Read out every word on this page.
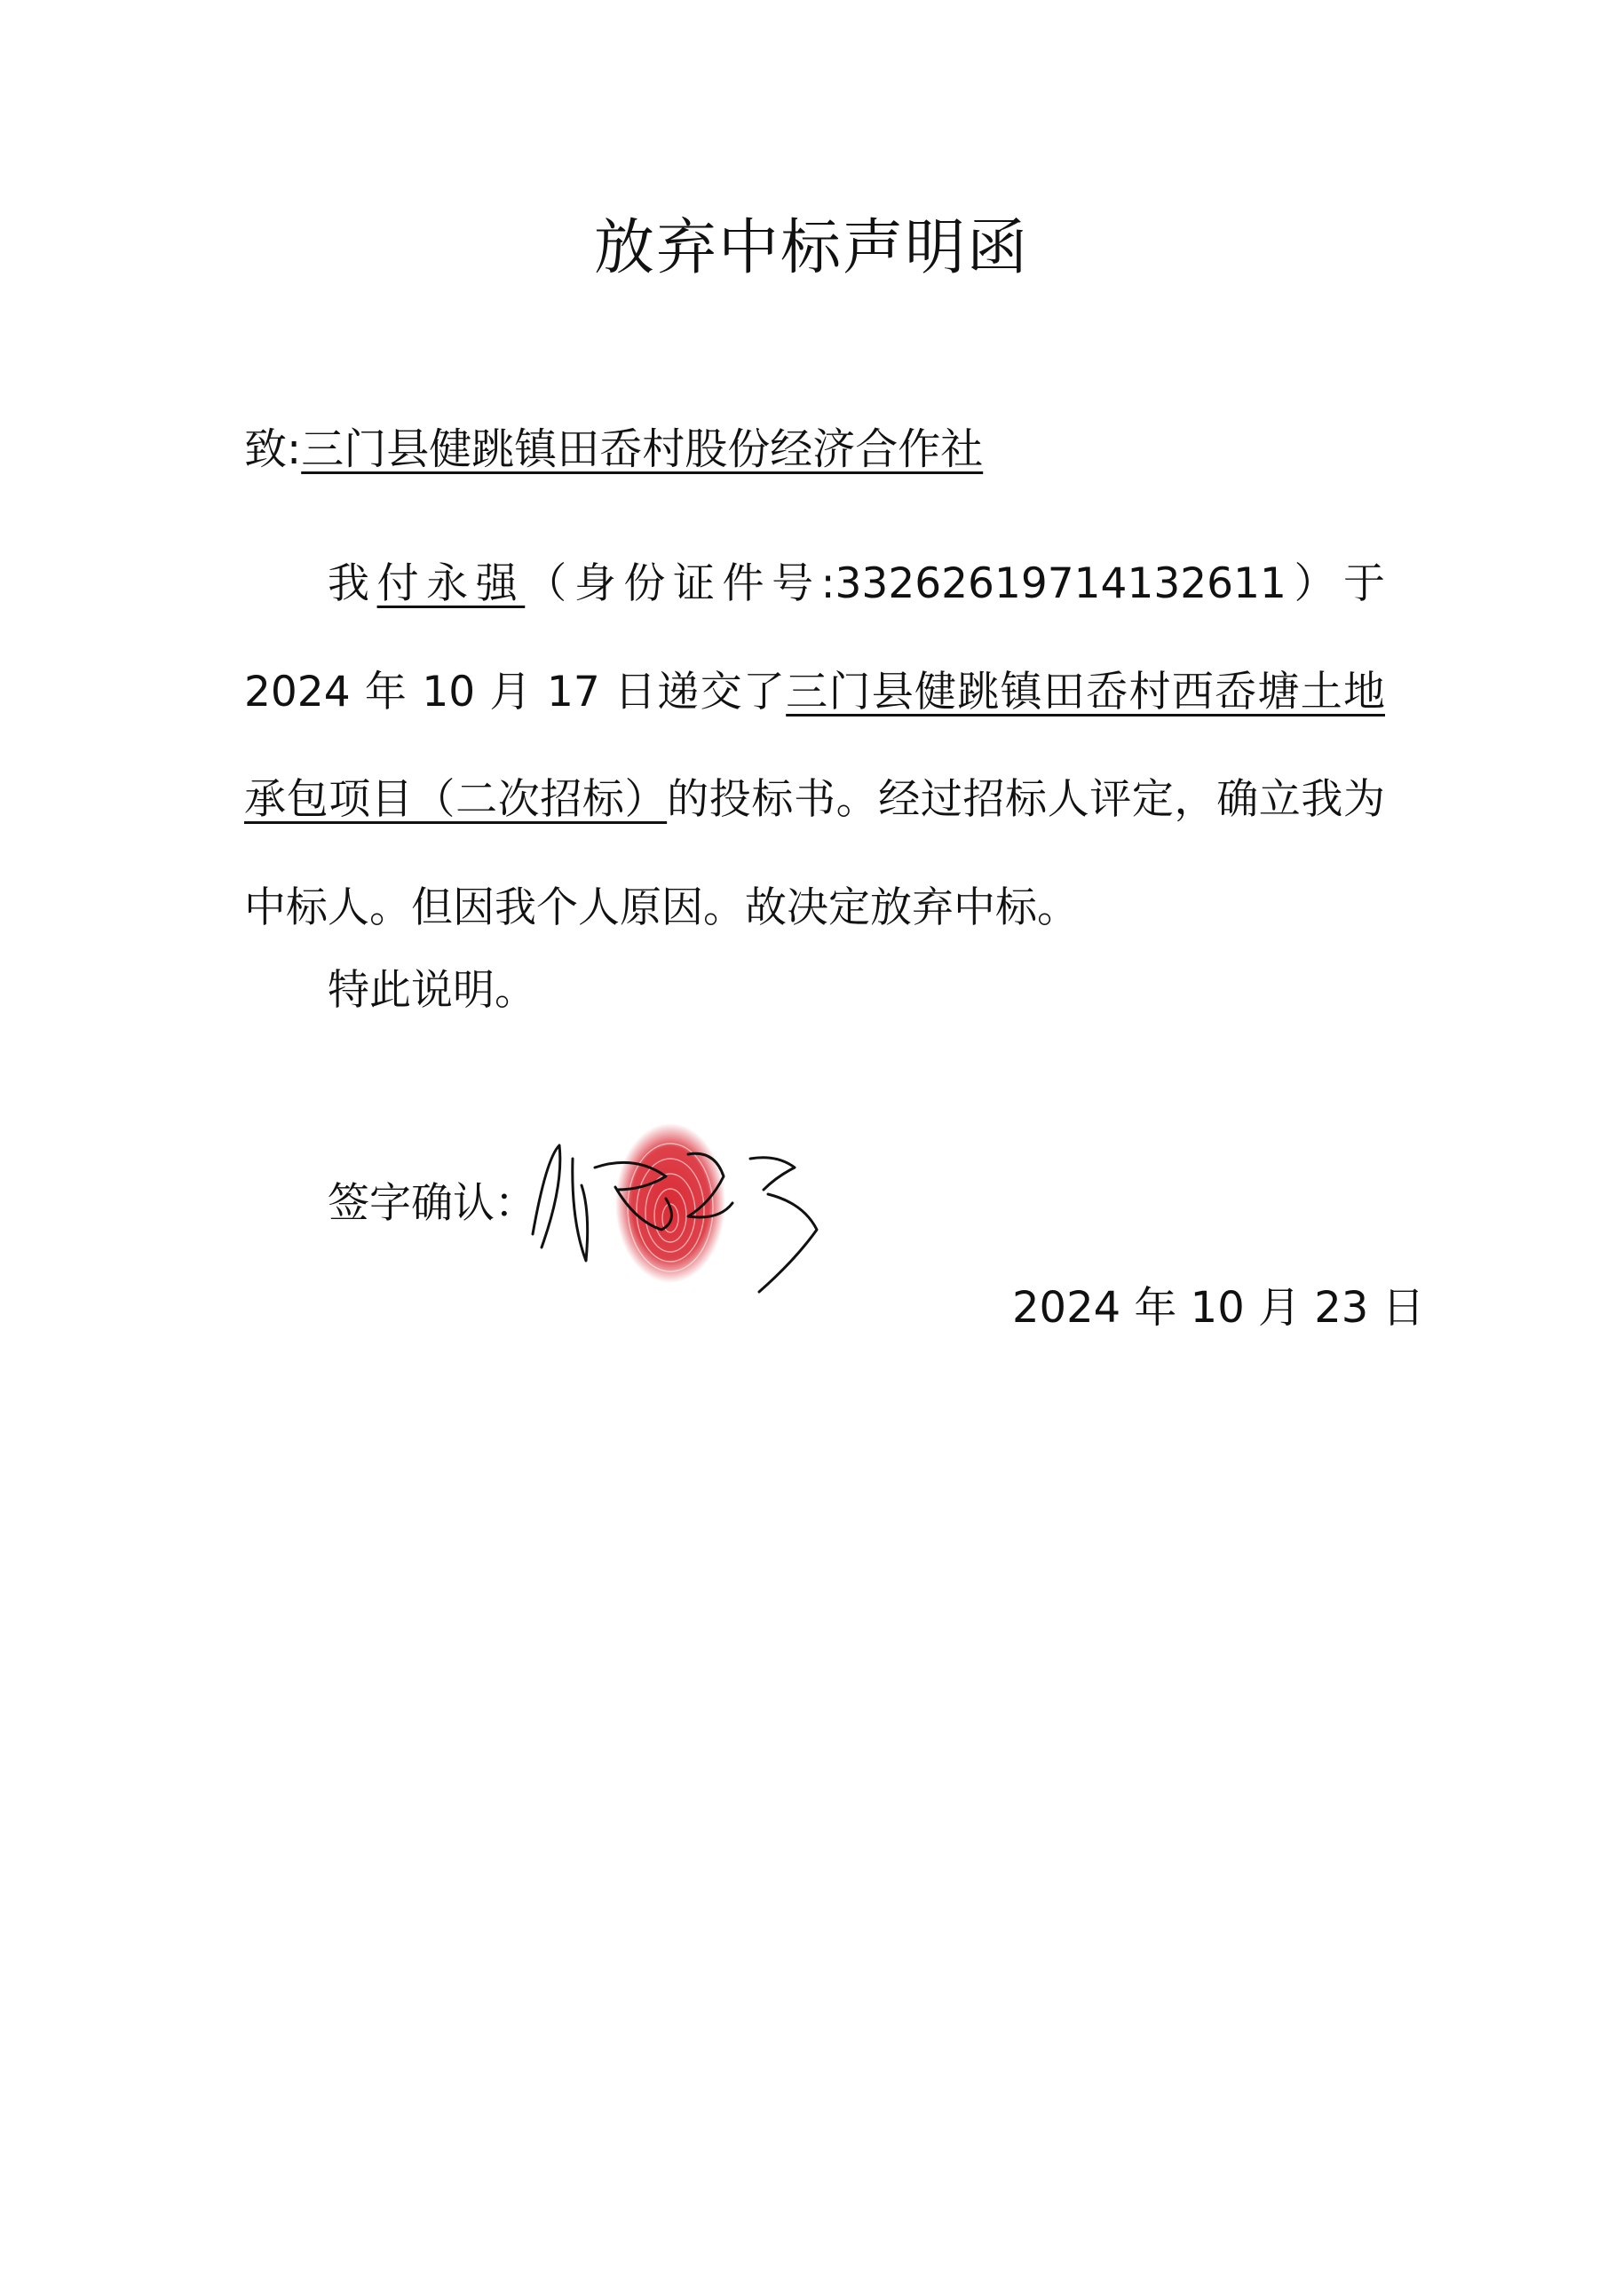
放弃中标声明函
致:三门县健跳镇田岙村股份经济合作社

我付永强（身份证件号:33262619714132611）于 2024 年 10 月 17 日递交了三门县健跳镇田岙村西岙塘土地承包项目（二次招标）的投标书。经过招标人评定，确立我为中标人。但因我个人原因。故决定放弃中标。

特此说明。
签字确认：
2024 年 10 月 23 日
